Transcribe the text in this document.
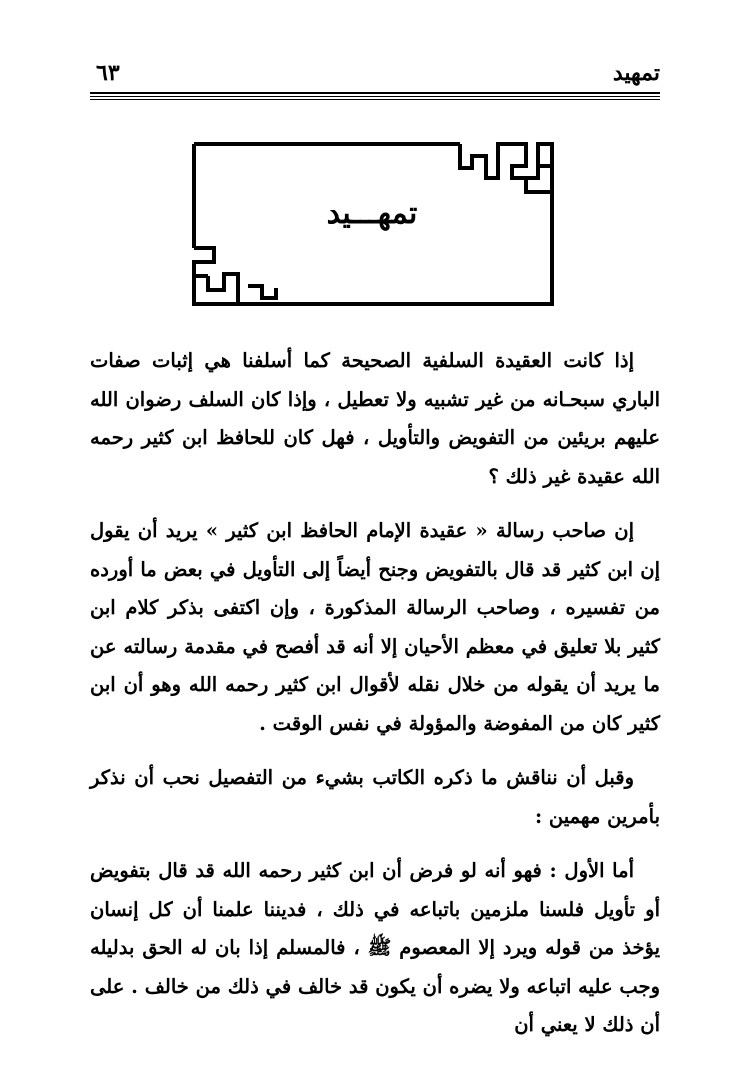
٦٣	تمهيد
تمهـــيد

إذا كانت العقيدة السلفية الصحيحة كما أسلفنا هي إثبات صفات الباري سبحـانه من غير تشبيه ولا تعطيل ، وإذا كان السلف رضوان الله عليهم بريئين من التفويض والتأويل ، فهل كان للحافظ ابن كثير رحمه الله عقيدة غير ذلك ؟

إن صاحب رسالة « عقيدة الإمام الحافظ ابن كثير » يريد أن يقول إن ابن كثير قد قال بالتفويض وجنح أيضاً إلى التأويل في بعض ما أورده من تفسيره ، وصاحب الرسالة المذكورة ، وإن اكتفى بذكر كلام ابن كثير بلا تعليق في معظم الأحيان إلا أنه قد أفصح في مقدمة رسالته عن ما يريد أن يقوله من خلال نقله لأقوال ابن كثير رحمه الله وهو أن ابن كثير كان من المفوضة والمؤولة في نفس الوقت .

وقبل أن نناقش ما ذكره الكاتب بشيء من التفصيل نحب أن نذكر بأمرين مهمين :

أما الأول : فهو أنه لو فرض أن ابن كثير رحمه الله قد قال بتفويض أو تأويل فلسنا ملزمين باتباعه في ذلك ، فديننا علمنا أن كل إنسان يؤخذ من قوله ويرد إلا المعصوم ﷺ ، فالمسلم إذا بان له الحق بدليله وجب عليه اتباعه ولا يضره أن يكون قد خالف في ذلك من خالف . على أن ذلك لا يعني أن
